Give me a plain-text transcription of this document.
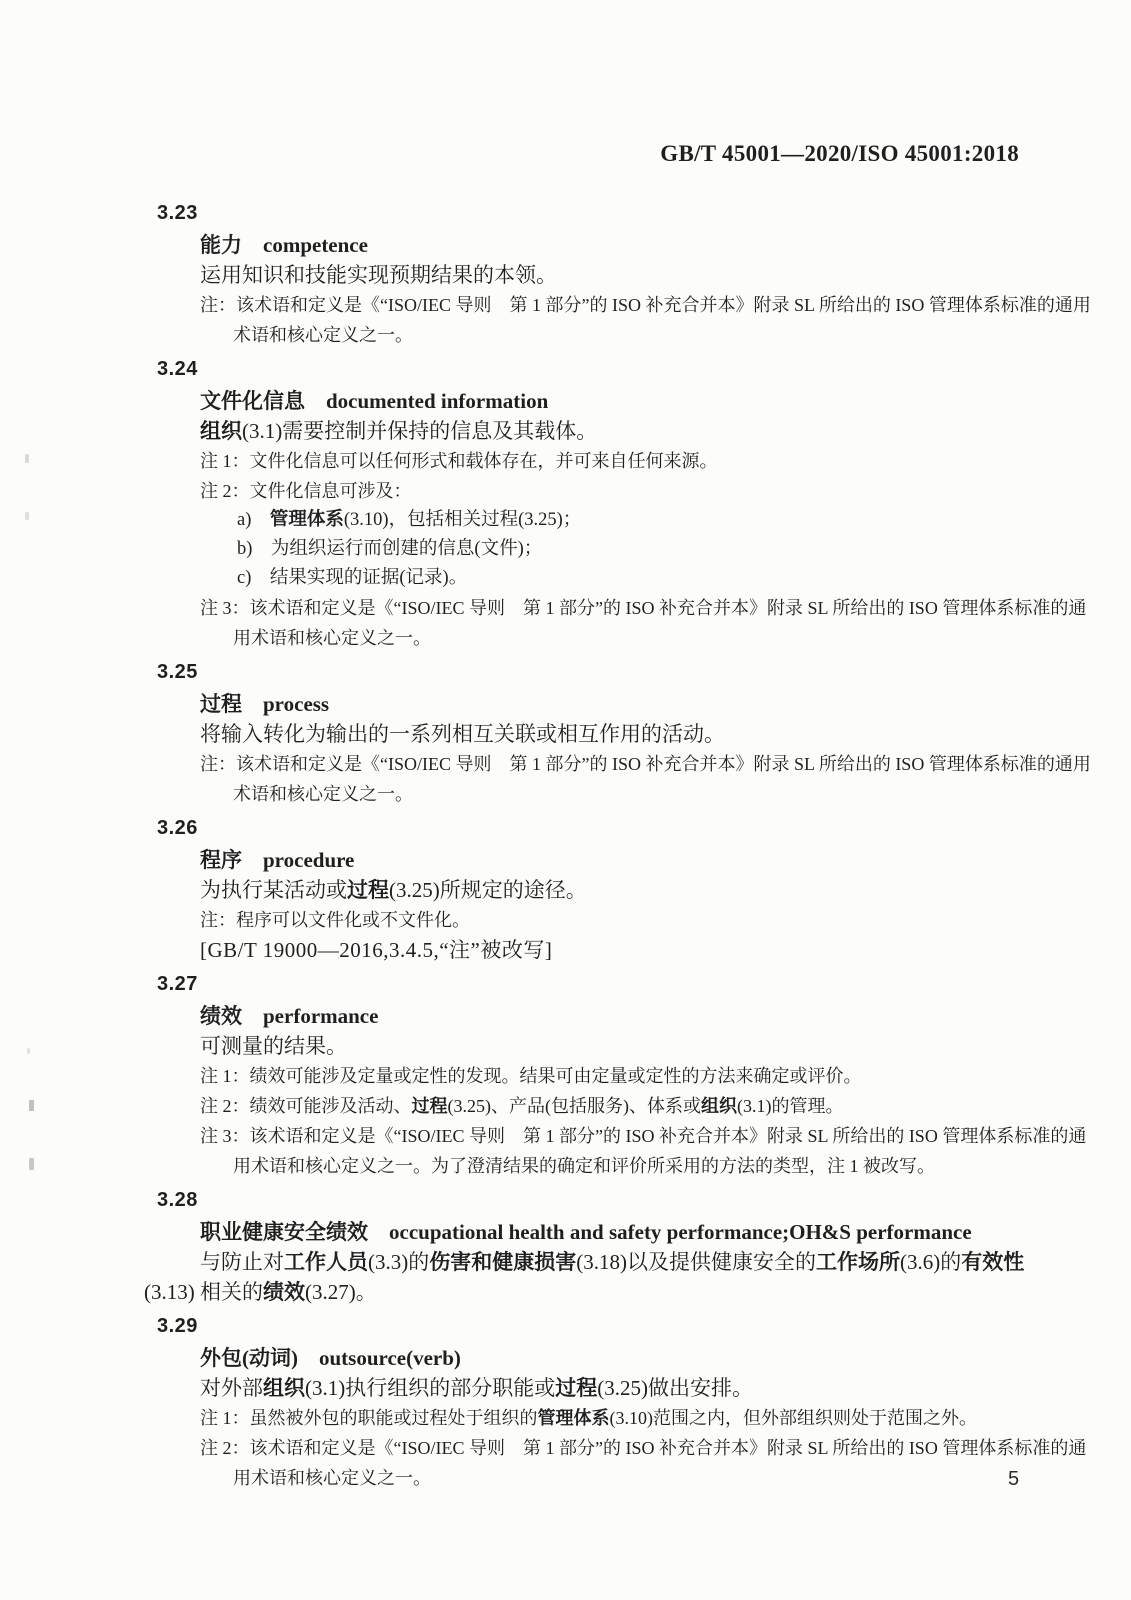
GB/T 45001—2020/ISO 45001:2018
3.23
能力　 competence
运用知识和技能实现预期结果的本领。
注：该术语和定义是《“ISO/IEC 导则　第 1 部分”的 ISO 补充合并本》附录 SL 所给出的 ISO 管理体系标准的通用
术语和核心定义之一。
3.24
文件化信息　 documented information
组织(3.1)需要控制并保持的信息及其载体。
注 1：文件化信息可以任何形式和载体存在，并可来自任何来源。
注 2：文件化信息可涉及：
a)　管理体系(3.10)，包括相关过程(3.25)；
b)　为组织运行而创建的信息(文件)；
c)　结果实现的证据(记录)。
注 3：该术语和定义是《“ISO/IEC 导则　第 1 部分”的 ISO 补充合并本》附录 SL 所给出的 ISO 管理体系标准的通
用术语和核心定义之一。
3.25
过程　 process
将输入转化为输出的一系列相互关联或相互作用的活动。
注：该术语和定义是《“ISO/IEC 导则　第 1 部分”的 ISO 补充合并本》附录 SL 所给出的 ISO 管理体系标准的通用
术语和核心定义之一。
3.26
程序　 procedure
为执行某活动或过程(3.25)所规定的途径。
注：程序可以文件化或不文件化。
[GB/T 19000—2016,3.4.5,“注”被改写]
3.27
绩效　 performance
可测量的结果。
注 1：绩效可能涉及定量或定性的发现。结果可由定量或定性的方法来确定或评价。
注 2：绩效可能涉及活动、过程(3.25)、产品(包括服务)、体系或组织(3.1)的管理。
注 3：该术语和定义是《“ISO/IEC 导则　第 1 部分”的 ISO 补充合并本》附录 SL 所给出的 ISO 管理体系标准的通
用术语和核心定义之一。为了澄清结果的确定和评价所采用的方法的类型，注 1 被改写。
3.28
职业健康安全绩效　 occupational health and safety performance;OH&S performance
与防止对工作人员(3.3)的伤害和健康损害(3.18)以及提供健康安全的工作场所(3.6)的有效性
(3.13) 相关的绩效(3.27)。
3.29
外包(动词)　 outsource(verb)
对外部组织(3.1)执行组织的部分职能或过程(3.25)做出安排。
注 1：虽然被外包的职能或过程处于组织的管理体系(3.10)范围之内，但外部组织则处于范围之外。
注 2：该术语和定义是《“ISO/IEC 导则　第 1 部分”的 ISO 补充合并本》附录 SL 所给出的 ISO 管理体系标准的通
用术语和核心定义之一。	5
